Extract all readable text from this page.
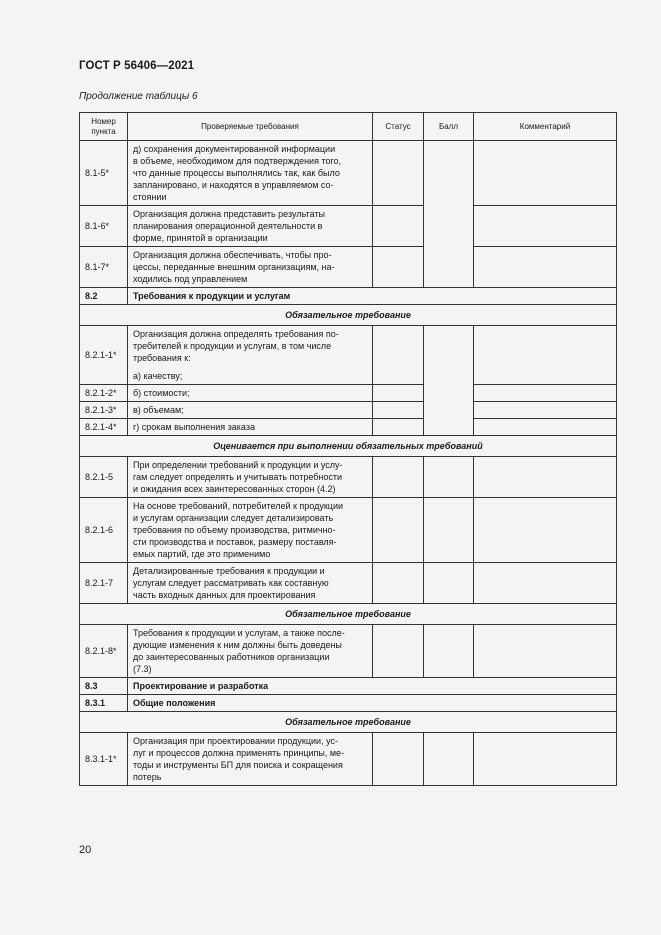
ГОСТ Р 56406—2021
Продолжение таблицы 6
Номер
пункта	Проверяемые требования	Статус	Балл	Комментарий
8.1-5*	д) сохранения документированной информации
в объеме, необходимом для подтверждения того,
что данные процессы выполнялись так, как было
запланировано, и находятся в управляемом со-
стоянии			

8.1-6*	Организация должна представить результаты
планирования операционной деятельности в
форме, принятой в организации			

8.1-7*	Организация должна обеспечивать, чтобы про-
цессы, переданные внешним организациям, на-
ходились под управлением			

8.2	Требования к продукции и услугам			
Обязательное требование				
8.2.1-1*	Организация должна определять требования по-
требителей к продукции и услугам, в том числе
требования к:
а) качеству;			

8.2.1-2*	б) стоимости;			
8.2.1-3*	в) объемам;			
8.2.1-4*	г) срокам выполнения заказа			
Оценивается при выполнении обязательных требований				
8.2.1-5	При определении требований к продукции и услу-
гам следует определять и учитывать потребности
и ожидания всех заинтересованных сторон (4.2)			

8.2.1-6	На основе требований, потребителей к продукции
и услугам организации следует детализировать
требования по объему производства, ритмично-
сти производства и поставок, размеру поставля-
емых партий, где это применимо			

8.2.1-7	Детализированные требования к продукции и
услугам следует рассматривать как составную
часть входных данных для проектирования			

Обязательное требование				
8.2.1-8*	Требования к продукции и услугам, а также после-
дующие изменения к ним должны быть доведены
до заинтересованных работников организации
(7.3)			

8.3	Проектирование и разработка			
8.3.1	Общие положения			
Обязательное требование				
8.3.1-1*	Организация при проектировании продукции, ус-
луг и процессов должна применять принципы, ме-
тоды и инструменты БП для поиска и сокращения
потерь			

20
